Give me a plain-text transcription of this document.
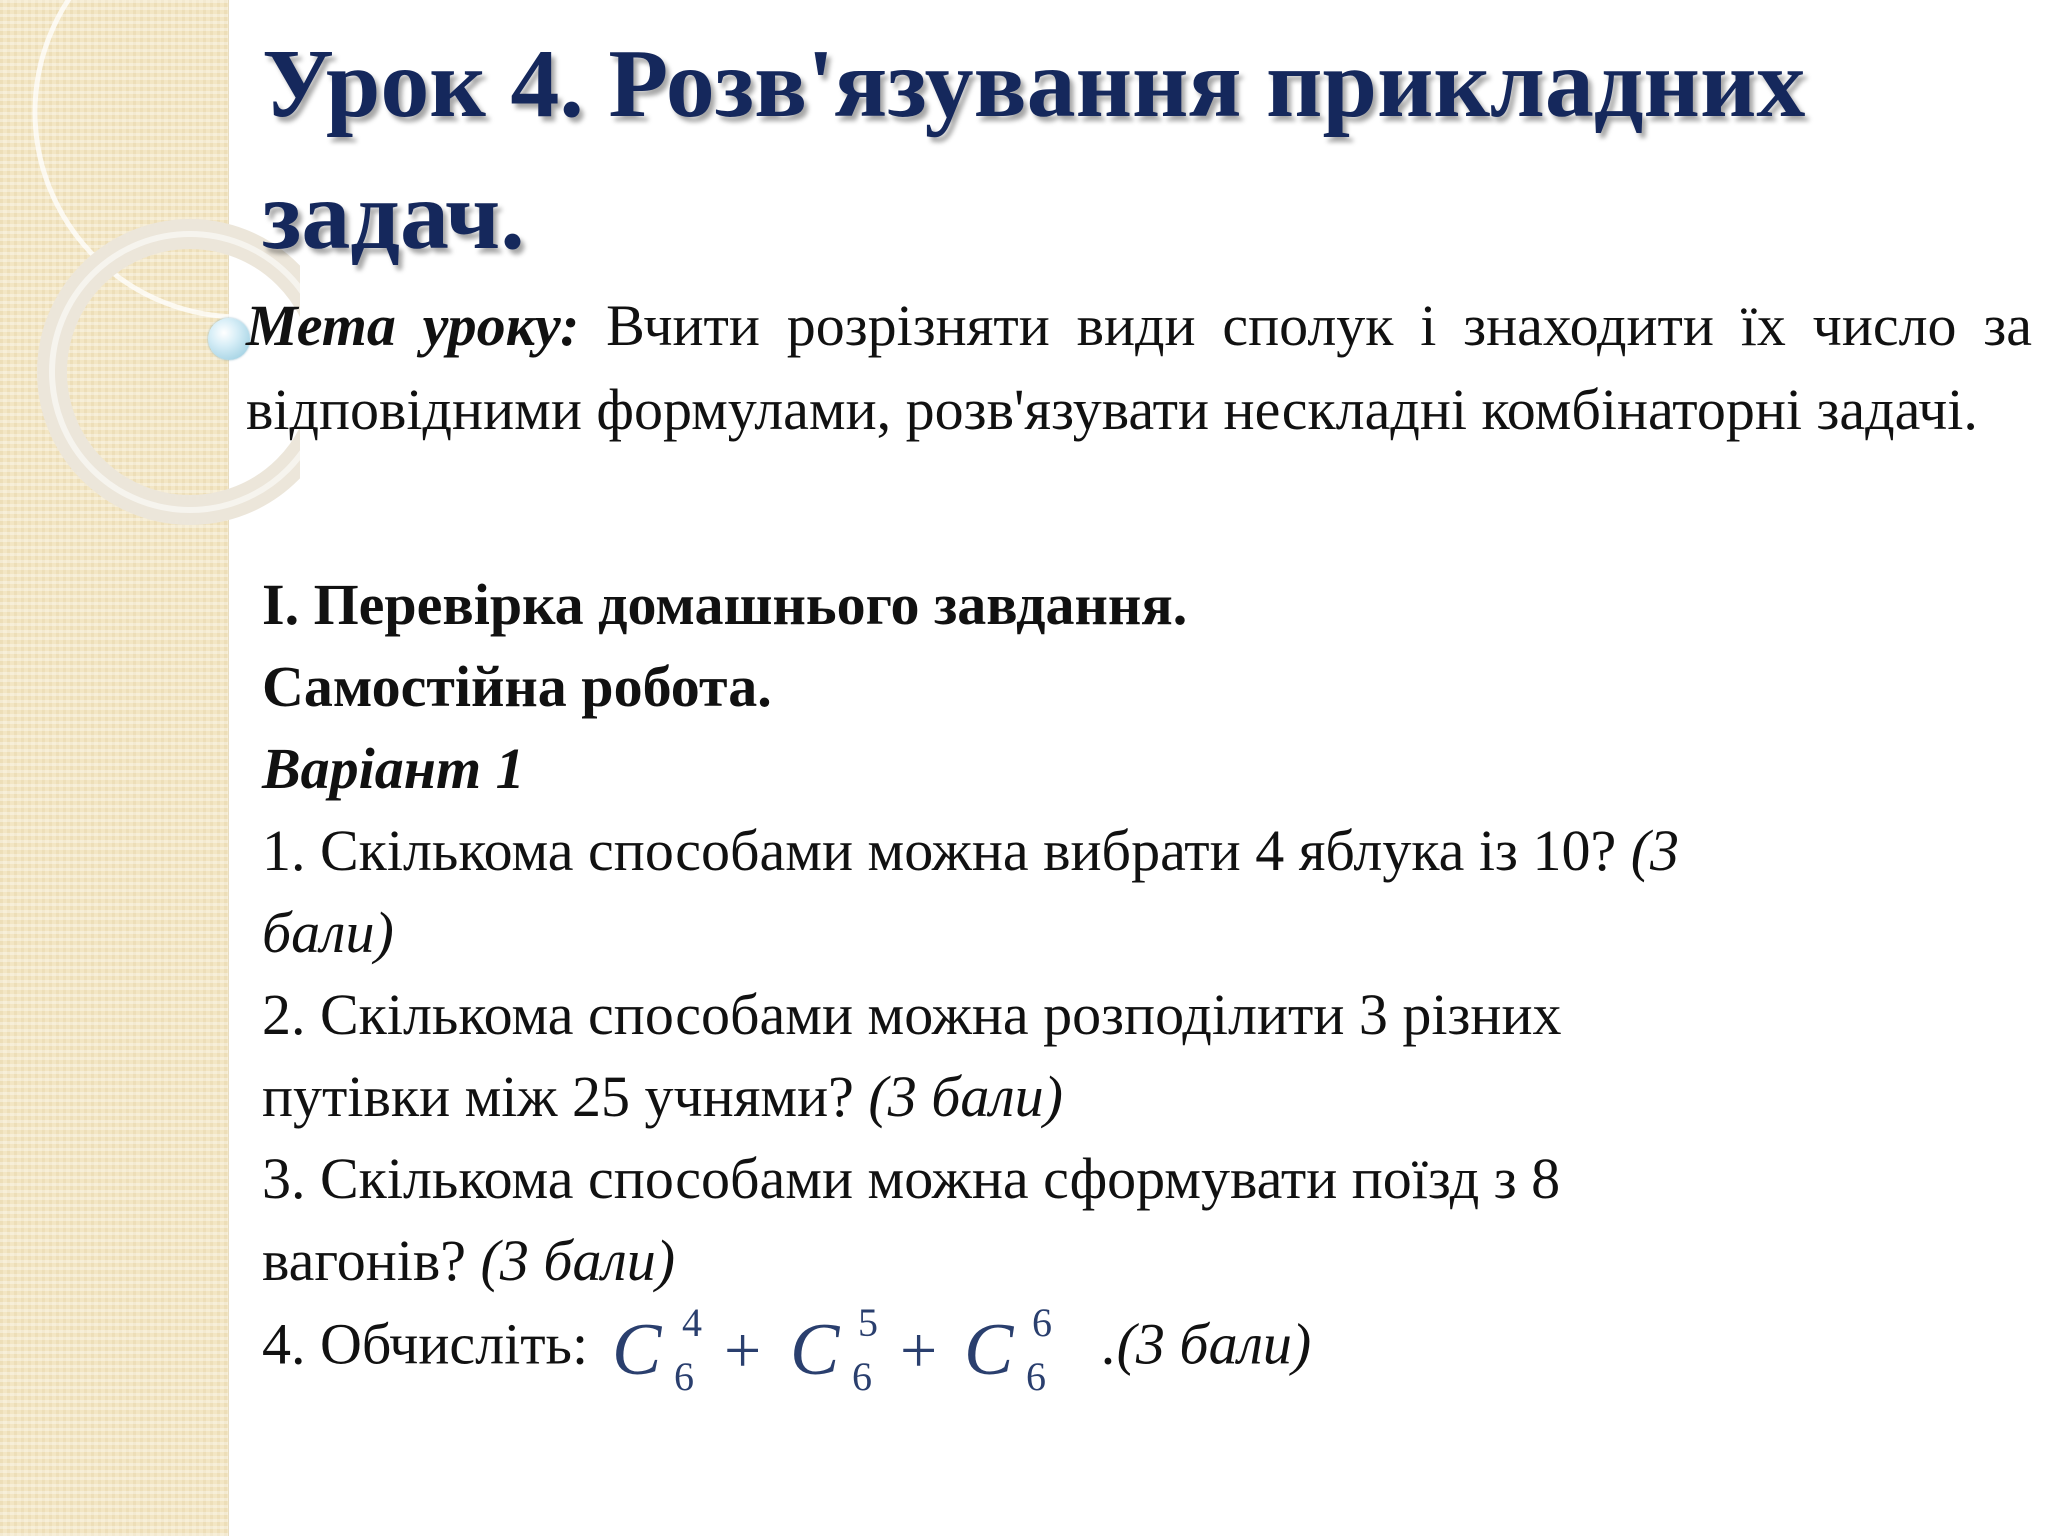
Урок 4. Розв'язування прикладних задач.

Мета уроку: Вчити розрізняти види сполук і знаходити їх число за відповідними формулами, розв'язувати нескладні комбінаторні задачі.

І. Перевірка домашнього завдання.
Самостійна робота.
Варіант 1
1. Скількома способами можна вибрати 4 яблука із 10? (3
бали)
2. Скількома способами можна розподілити 3 різних
путівки між 25 учнями? (3 бали)
3. Скількома способами можна сформувати поїзд з 8
вагонів? (3 бали)
4. Обчисліть: C 4
6 + C 5
6 + C 6
6
.(3 бали)
